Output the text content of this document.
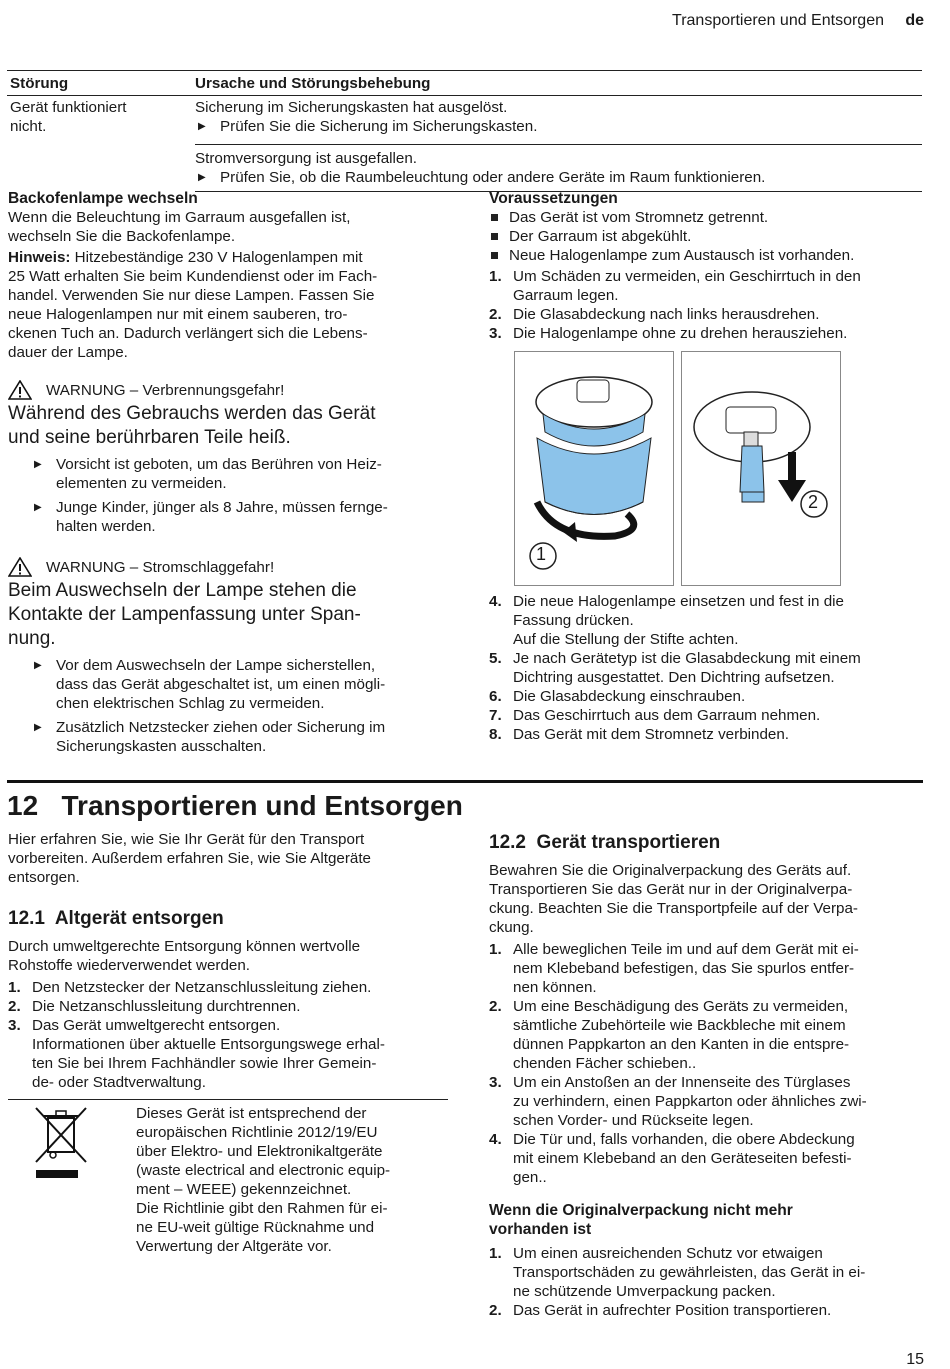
Transportieren und Entsorgen de
Störung	Ursache und Störungsbehebung
Gerät funktioniert
nicht.
Sicherung im Sicherungskasten hat ausgelöst.
▶ Prüfen Sie die Sicherung im Sicherungskasten.
Stromversorgung ist ausgefallen.
▶ Prüfen Sie, ob die Raumbeleuchtung oder andere Geräte im Raum funktionieren.
Backofenlampe wechseln
Wenn die Beleuchtung im Garraum ausgefallen ist,
wechseln Sie die Backofenlampe.
Hinweis: Hitzebeständige 230 V Halogenlampen mit
25 Watt erhalten Sie beim Kundendienst oder im Fach-
handel. Verwenden Sie nur diese Lampen. Fassen Sie
neue Halogenlampen nur mit einem sauberen, tro-
ckenen Tuch an. Dadurch verlängert sich die Lebens-
dauer der Lampe.
WARNUNG – Verbrennungsgefahr!
Während des Gebrauchs werden das Gerät
und seine berührbaren Teile heiß.
▶ Vorsicht ist geboten, um das Berühren von Heiz-
elementen zu vermeiden.
▶ Junge Kinder, jünger als 8 Jahre, müssen fernge-
halten werden.
WARNUNG – Stromschlaggefahr!
Beim Auswechseln der Lampe stehen die
Kontakte der Lampenfassung unter Span-
nung.
▶ Vor dem Auswechseln der Lampe sicherstellen,
dass das Gerät abgeschaltet ist, um einen mögli-
chen elektrischen Schlag zu vermeiden.
▶ Zusätzlich Netzstecker ziehen oder Sicherung im
Sicherungskasten ausschalten.
Voraussetzungen
Das Gerät ist vom Stromnetz getrennt.
Der Garraum ist abgekühlt.
Neue Halogenlampe zum Austausch ist vorhanden.
1. Um Schäden zu vermeiden, ein Geschirrtuch in den
Garraum legen.
2. Die Glasabdeckung nach links herausdrehen.
3. Die Halogenlampe ohne zu drehen herausziehen.
1
2
4. Die neue Halogenlampe einsetzen und fest in die
Fassung drücken.
Auf die Stellung der Stifte achten.
5. Je nach Gerätetyp ist die Glasabdeckung mit einem
Dichtring ausgestattet. Den Dichtring aufsetzen.
6. Die Glasabdeckung einschrauben.
7. Das Geschirrtuch aus dem Garraum nehmen.
8. Das Gerät mit dem Stromnetz verbinden.
12   Transportieren und Entsorgen
Hier erfahren Sie, wie Sie Ihr Gerät für den Transport
vorbereiten. Außerdem erfahren Sie, wie Sie Altgeräte
entsorgen.
12.1  Altgerät entsorgen
Durch umweltgerechte Entsorgung können wertvolle
Rohstoffe wiederverwendet werden.
1. Den Netzstecker der Netzanschlussleitung ziehen.
2. Die Netzanschlussleitung durchtrennen.
3. Das Gerät umweltgerecht entsorgen.
Informationen über aktuelle Entsorgungswege erhal-
ten Sie bei Ihrem Fachhändler sowie Ihrer Gemein-
de- oder Stadtverwaltung.
Dieses Gerät ist entsprechend der
europäischen Richtlinie 2012/19/EU
über Elektro- und Elektronikaltgeräte
(waste electrical and electronic equip-
ment – WEEE) gekennzeichnet.
Die Richtlinie gibt den Rahmen für ei-
ne EU-weit gültige Rücknahme und
Verwertung der Altgeräte vor.
12.2  Gerät transportieren
Bewahren Sie die Originalverpackung des Geräts auf.
Transportieren Sie das Gerät nur in der Originalverpa-
ckung. Beachten Sie die Transportpfeile auf der Verpa-
ckung.
1. Alle beweglichen Teile im und auf dem Gerät mit ei-
nem Klebeband befestigen, das Sie spurlos entfer-
nen können.
2. Um eine Beschädigung des Geräts zu vermeiden,
sämtliche Zubehörteile wie Backbleche mit einem
dünnen Pappkarton an den Kanten in die entspre-
chenden Fächer schieben..
3. Um ein Anstoßen an der Innenseite des Türglases
zu verhindern, einen Pappkarton oder ähnliches zwi-
schen Vorder- und Rückseite legen.
4. Die Tür und, falls vorhanden, die obere Abdeckung
mit einem Klebeband an den Geräteseiten befesti-
gen..
Wenn die Originalverpackung nicht mehr
vorhanden ist
1. Um einen ausreichenden Schutz vor etwaigen
Transportschäden zu gewährleisten, das Gerät in ei-
ne schützende Umverpackung packen.
2. Das Gerät in aufrechter Position transportieren.
15
